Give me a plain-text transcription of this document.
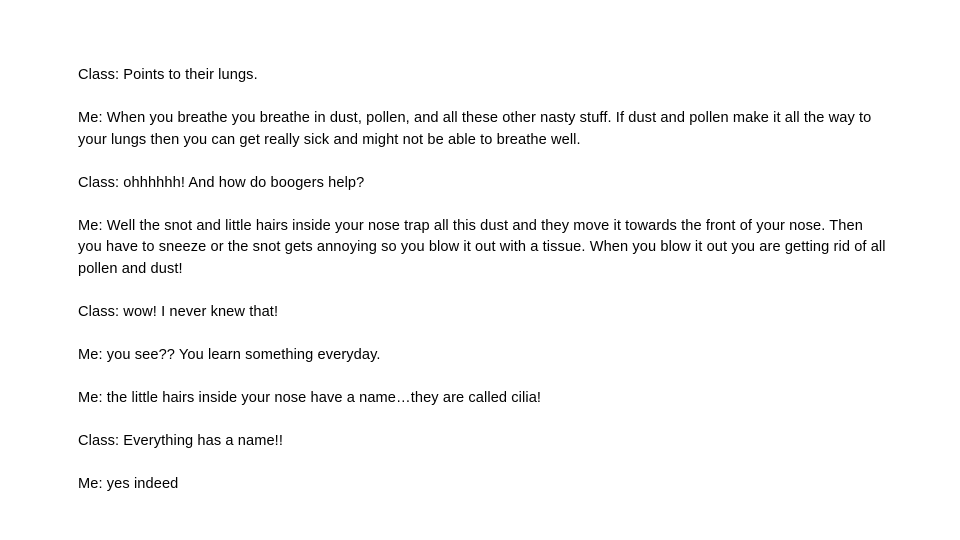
Class: Points to their lungs.

Me: When you breathe you breathe in dust, pollen, and all these other nasty stuff. If dust and pollen make it all the way to your lungs then you can get really sick and might not be able to breathe well.

Class: ohhhhhh! And how do boogers help?

Me: Well the snot and little hairs inside your nose trap all this dust and they move it towards the front of your nose. Then you have to sneeze or the snot gets annoying so you blow it out with a tissue. When you blow it out you are getting rid of all pollen and dust!

Class: wow! I never knew that!

Me: you see?? You learn something everyday.

Me: the little hairs inside your nose have a name…they are called cilia!

Class: Everything has a name!!

Me: yes indeed
